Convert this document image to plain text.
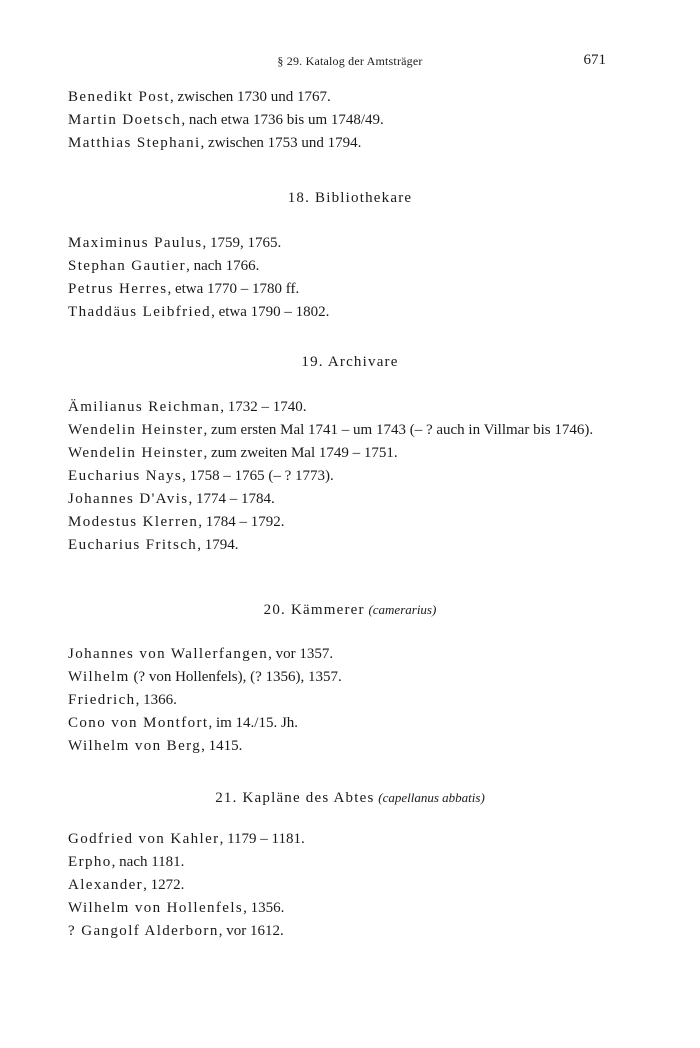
§ 29. Katalog der Amtsträger	671

Benedikt Post, zwischen 1730 und 1767.

Martin Doetsch, nach etwa 1736 bis um 1748/49.

Matthias Stephani, zwischen 1753 und 1794.

18. Bibliothekare

Maximinus Paulus, 1759, 1765.

Stephan Gautier, nach 1766.

Petrus Herres, etwa 1770 – 1780 ff.

Thaddäus Leibfried, etwa 1790 – 1802.

19. Archivare

Ämilianus Reichman, 1732 – 1740.

Wendelin Heinster, zum ersten Mal 1741 – um 1743 (– ? auch in Villmar bis 1746).

Wendelin Heinster, zum zweiten Mal 1749 – 1751.

Eucharius Nays, 1758 – 1765 (– ? 1773).

Johannes D'Avis, 1774 – 1784.

Modestus Klerren, 1784 – 1792.

Eucharius Fritsch, 1794.

20. Kämmerer (camerarius)

Johannes von Wallerfangen, vor 1357.

Wilhelm (? von Hollenfels), (? 1356), 1357.

Friedrich, 1366.

Cono von Montfort, im 14./15. Jh.

Wilhelm von Berg, 1415.

21. Kapläne des Abtes (capellanus abbatis)

Godfried von Kahler, 1179 – 1181.

Erpho, nach 1181.

Alexander, 1272.

Wilhelm von Hollenfels, 1356.

? Gangolf Alderborn, vor 1612.
